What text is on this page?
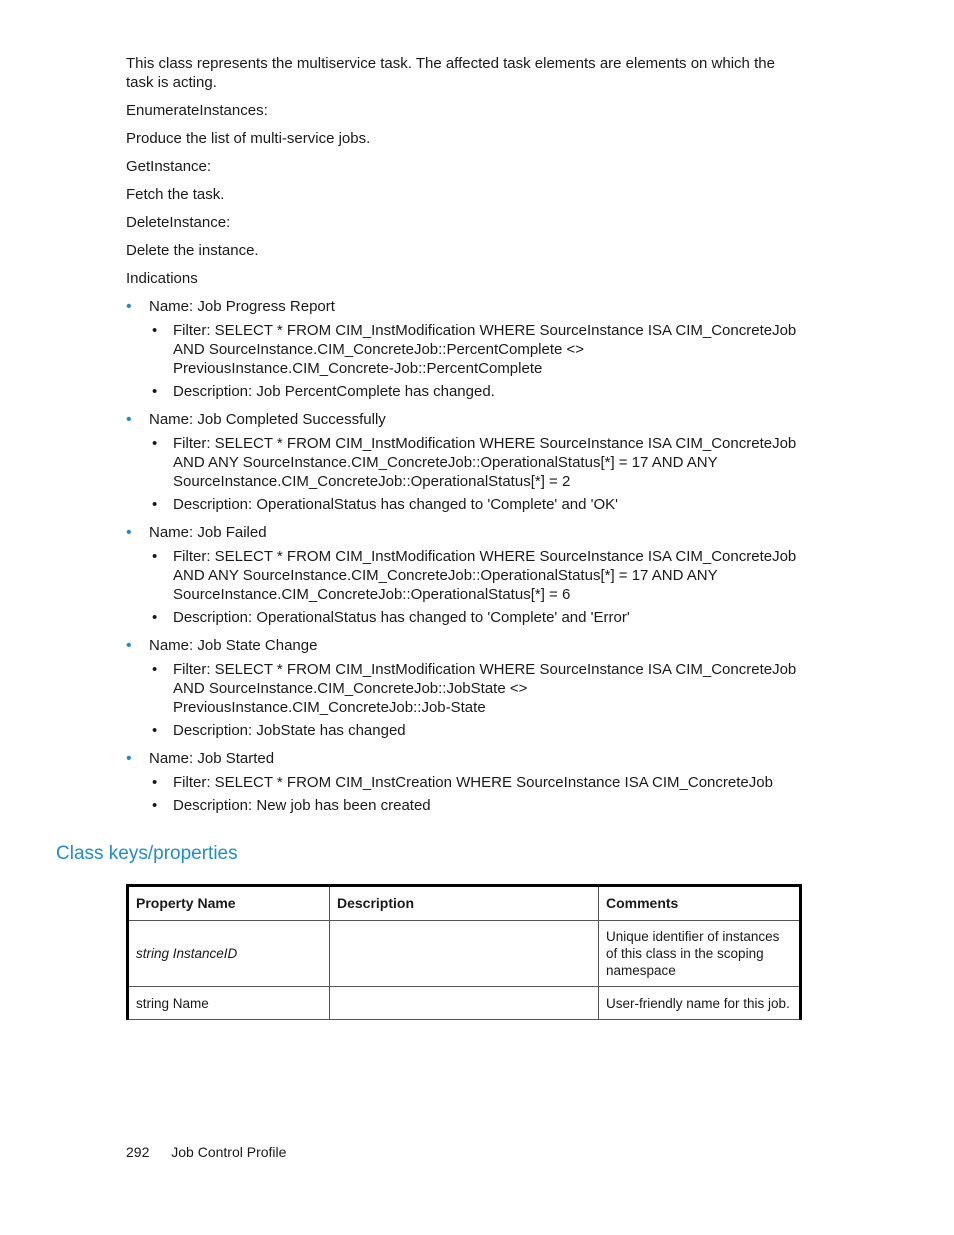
This class represents the multiservice task. The affected task elements are elements on which the task is acting.

EnumerateInstances:

Produce the list of multi-service jobs.

GetInstance:

Fetch the task.

DeleteInstance:

Delete the instance.

Indications

• Name: Job Progress Report
• Filter: SELECT * FROM CIM_InstModification WHERE SourceInstance ISA CIM_ConcreteJob AND SourceInstance.CIM_ConcreteJob::PercentComplete <> PreviousInstance.CIM_Concrete-Job::PercentComplete
• Description: Job PercentComplete has changed.
• Name: Job Completed Successfully
• Filter: SELECT * FROM CIM_InstModification WHERE SourceInstance ISA CIM_ConcreteJob AND ANY SourceInstance.CIM_ConcreteJob::OperationalStatus[*] = 17 AND ANY SourceInstance.CIM_ConcreteJob::OperationalStatus[*] = 2
• Description: OperationalStatus has changed to 'Complete' and 'OK'
• Name: Job Failed
• Filter: SELECT * FROM CIM_InstModification WHERE SourceInstance ISA CIM_ConcreteJob AND ANY SourceInstance.CIM_ConcreteJob::OperationalStatus[*] = 17 AND ANY SourceInstance.CIM_ConcreteJob::OperationalStatus[*] = 6
• Description: OperationalStatus has changed to 'Complete' and 'Error'
• Name: Job State Change
• Filter: SELECT * FROM CIM_InstModification WHERE SourceInstance ISA CIM_ConcreteJob AND SourceInstance.CIM_ConcreteJob::JobState <> PreviousInstance.CIM_ConcreteJob::Job-State
• Description: JobState has changed
• Name: Job Started
• Filter: SELECT * FROM CIM_InstCreation WHERE SourceInstance ISA CIM_ConcreteJob
• Description: New job has been created
Class keys/properties
Property Name	Description	Comments
string InstanceID		Unique identifier of instances of this class in the scoping namespace
string Name		User-friendly name for this job.
292 Job Control Profile
